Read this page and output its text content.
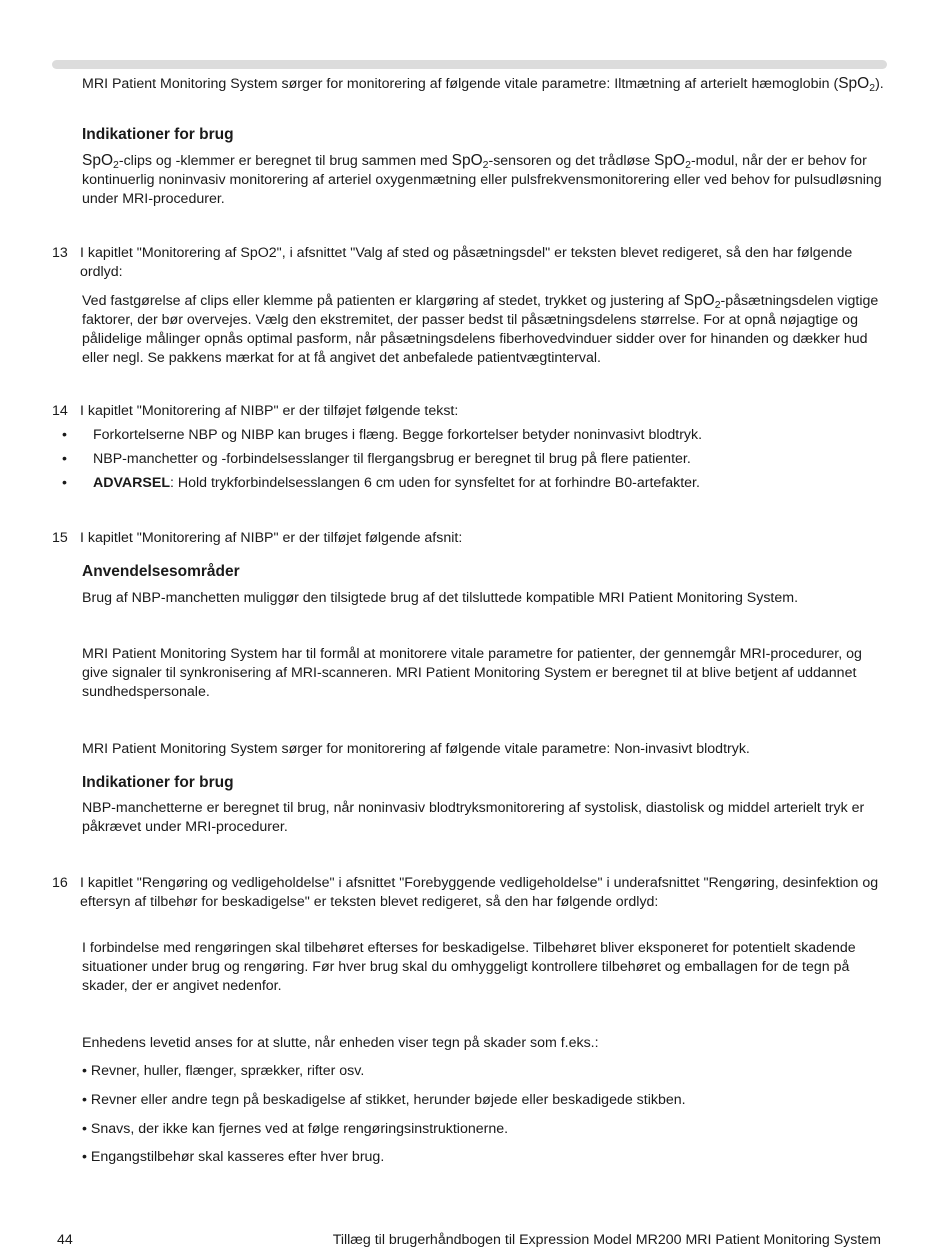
MRI Patient Monitoring System sørger for monitorering af følgende vitale parametre: Iltmætning af arterielt hæmoglobin (SpO$_2$).

Indikationer for brug

SpO$_2$-clips og -klemmer er beregnet til brug sammen med SpO$_2$-sensoren og det trådløse SpO$_2$-modul, når der er behov for kontinuerlig noninvasiv monitorering af arteriel oxygenmætning eller pulsfrekvensmonitorering eller ved behov for pulsudløsning under MRI-procedurer.

13 I kapitlet "Monitorering af SpO2", i afsnittet "Valg af sted og påsætningsdel" er teksten blevet redigeret, så den har følgende ordlyd:

Ved fastgørelse af clips eller klemme på patienten er klargøring af stedet, trykket og justering af SpO$_2$-påsætningsdelen vigtige faktorer, der bør overvejes. Vælg den ekstremitet, der passer bedst til påsætningsdelens størrelse. For at opnå nøjagtige og pålidelige målinger opnås optimal pasform, når påsætningsdelens fiberhovedvinduer sidder over for hinanden og dækker hud eller negl. Se pakkens mærkat for at få angivet det anbefalede patientvægtinterval.

14 I kapitlet "Monitorering af NIBP" er der tilføjet følgende tekst:

• Forkortelserne NBP og NIBP kan bruges i flæng. Begge forkortelser betyder noninvasivt blodtryk.

• NBP-manchetter og -forbindelsesslanger til flergangsbrug er beregnet til brug på flere patienter.

• ADVARSEL: Hold trykforbindelsesslangen 6 cm uden for synsfeltet for at forhindre B0-artefakter.

15 I kapitlet "Monitorering af NIBP" er der tilføjet følgende afsnit:

Anvendelsesområder

Brug af NBP-manchetten muliggør den tilsigtede brug af det tilsluttede kompatible MRI Patient Monitoring System.

MRI Patient Monitoring System har til formål at monitorere vitale parametre for patienter, der gennemgår MRI-procedurer, og give signaler til synkronisering af MRI-scanneren. MRI Patient Monitoring System er beregnet til at blive betjent af uddannet sundhedspersonale.

MRI Patient Monitoring System sørger for monitorering af følgende vitale parametre: Non-invasivt blodtryk.

Indikationer for brug

NBP-manchetterne er beregnet til brug, når noninvasiv blodtryksmonitorering af systolisk, diastolisk og middel arterielt tryk er påkrævet under MRI-procedurer.

16 I kapitlet "Rengøring og vedligeholdelse" i afsnittet "Forebyggende vedligeholdelse" i underafsnittet "Rengøring, desinfektion og eftersyn af tilbehør for beskadigelse" er teksten blevet redigeret, så den har følgende ordlyd:

I forbindelse med rengøringen skal tilbehøret efterses for beskadigelse. Tilbehøret bliver eksponeret for potentielt skadende situationer under brug og rengøring. Før hver brug skal du omhyggeligt kontrollere tilbehøret og emballagen for de tegn på skader, der er angivet nedenfor.

Enhedens levetid anses for at slutte, når enheden viser tegn på skader som f.eks.:

• Revner, huller, flænger, sprækker, rifter osv.

• Revner eller andre tegn på beskadigelse af stikket, herunder bøjede eller beskadigede stikben.

• Snavs, der ikke kan fjernes ved at følge rengøringsinstruktionerne.

• Engangstilbehør skal kasseres efter hver brug.

44	Tillæg til brugerhåndbogen til Expression Model MR200 MRI Patient Monitoring System
